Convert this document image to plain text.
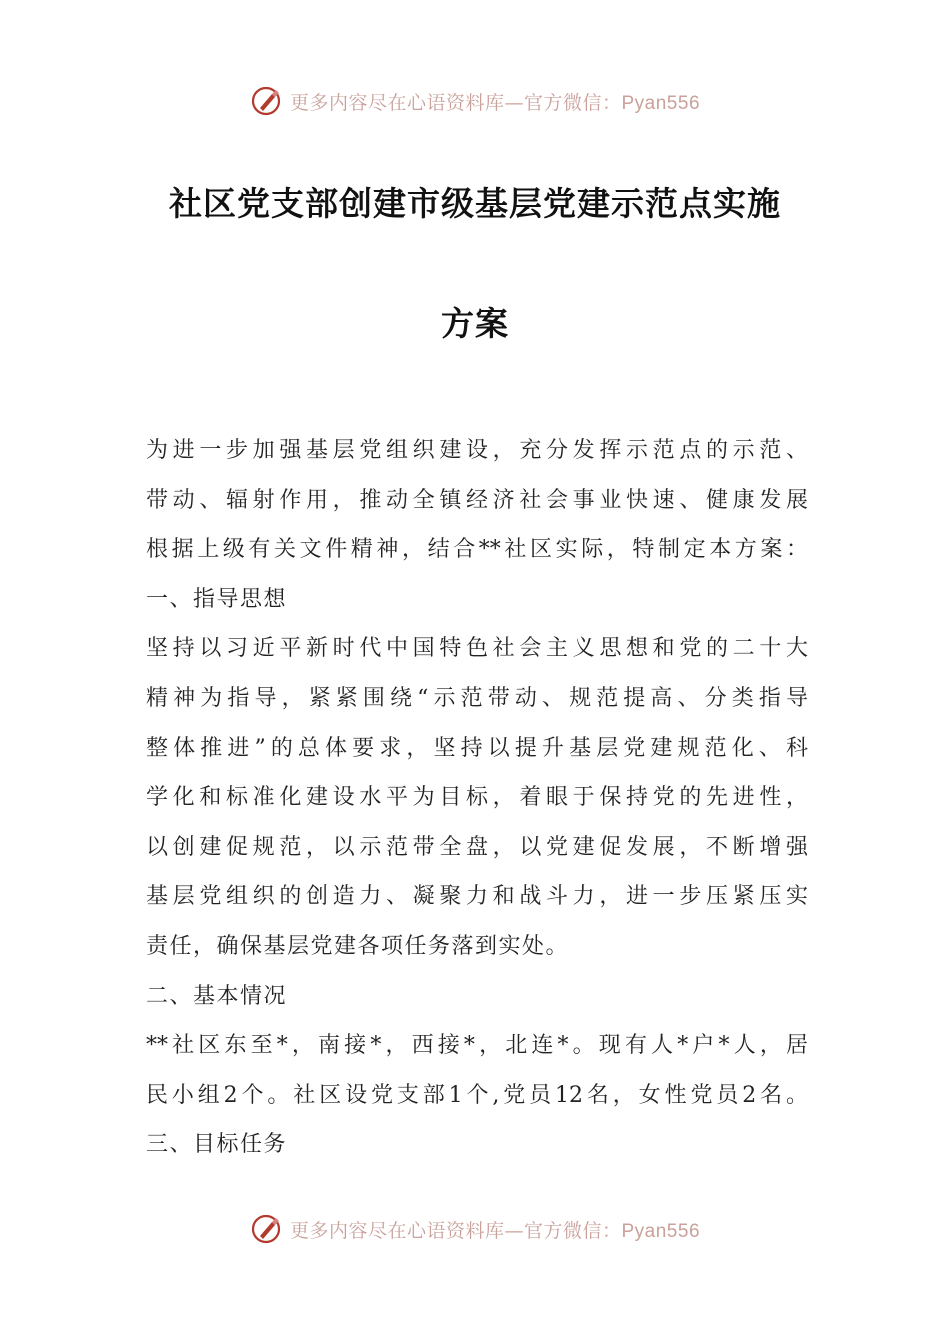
更多内容尽在心语资料库—官方微信：Pyan556
社区党支部创建市级基层党建示范点实施
方案
为进一步加强基层党组织建设，充分发挥示范点的示范、
带动、辐射作用，推动全镇经济社会事业快速、健康发展
根据上级有关文件精神，结合**社区实际，特制定本方案：
一、指导思想
坚持以习近平新时代中国特色社会主义思想和党的二十大
精神为指导，紧紧围绕“示范带动、规范提高、分类指导
整体推进”的总体要求，坚持以提升基层党建规范化、科
学化和标准化建设水平为目标，着眼于保持党的先进性，
以创建促规范，以示范带全盘，以党建促发展，不断增强
基层党组织的创造力、凝聚力和战斗力，进一步压紧压实
责任，确保基层党建各项任务落到实处。
二、基本情况
**社区东至*，南接*，西接*，北连*。现有人*户*人，居
民小组2个。社区设党支部1个,党员12名，女性党员2名。
三、目标任务
更多内容尽在心语资料库—官方微信：Pyan556
